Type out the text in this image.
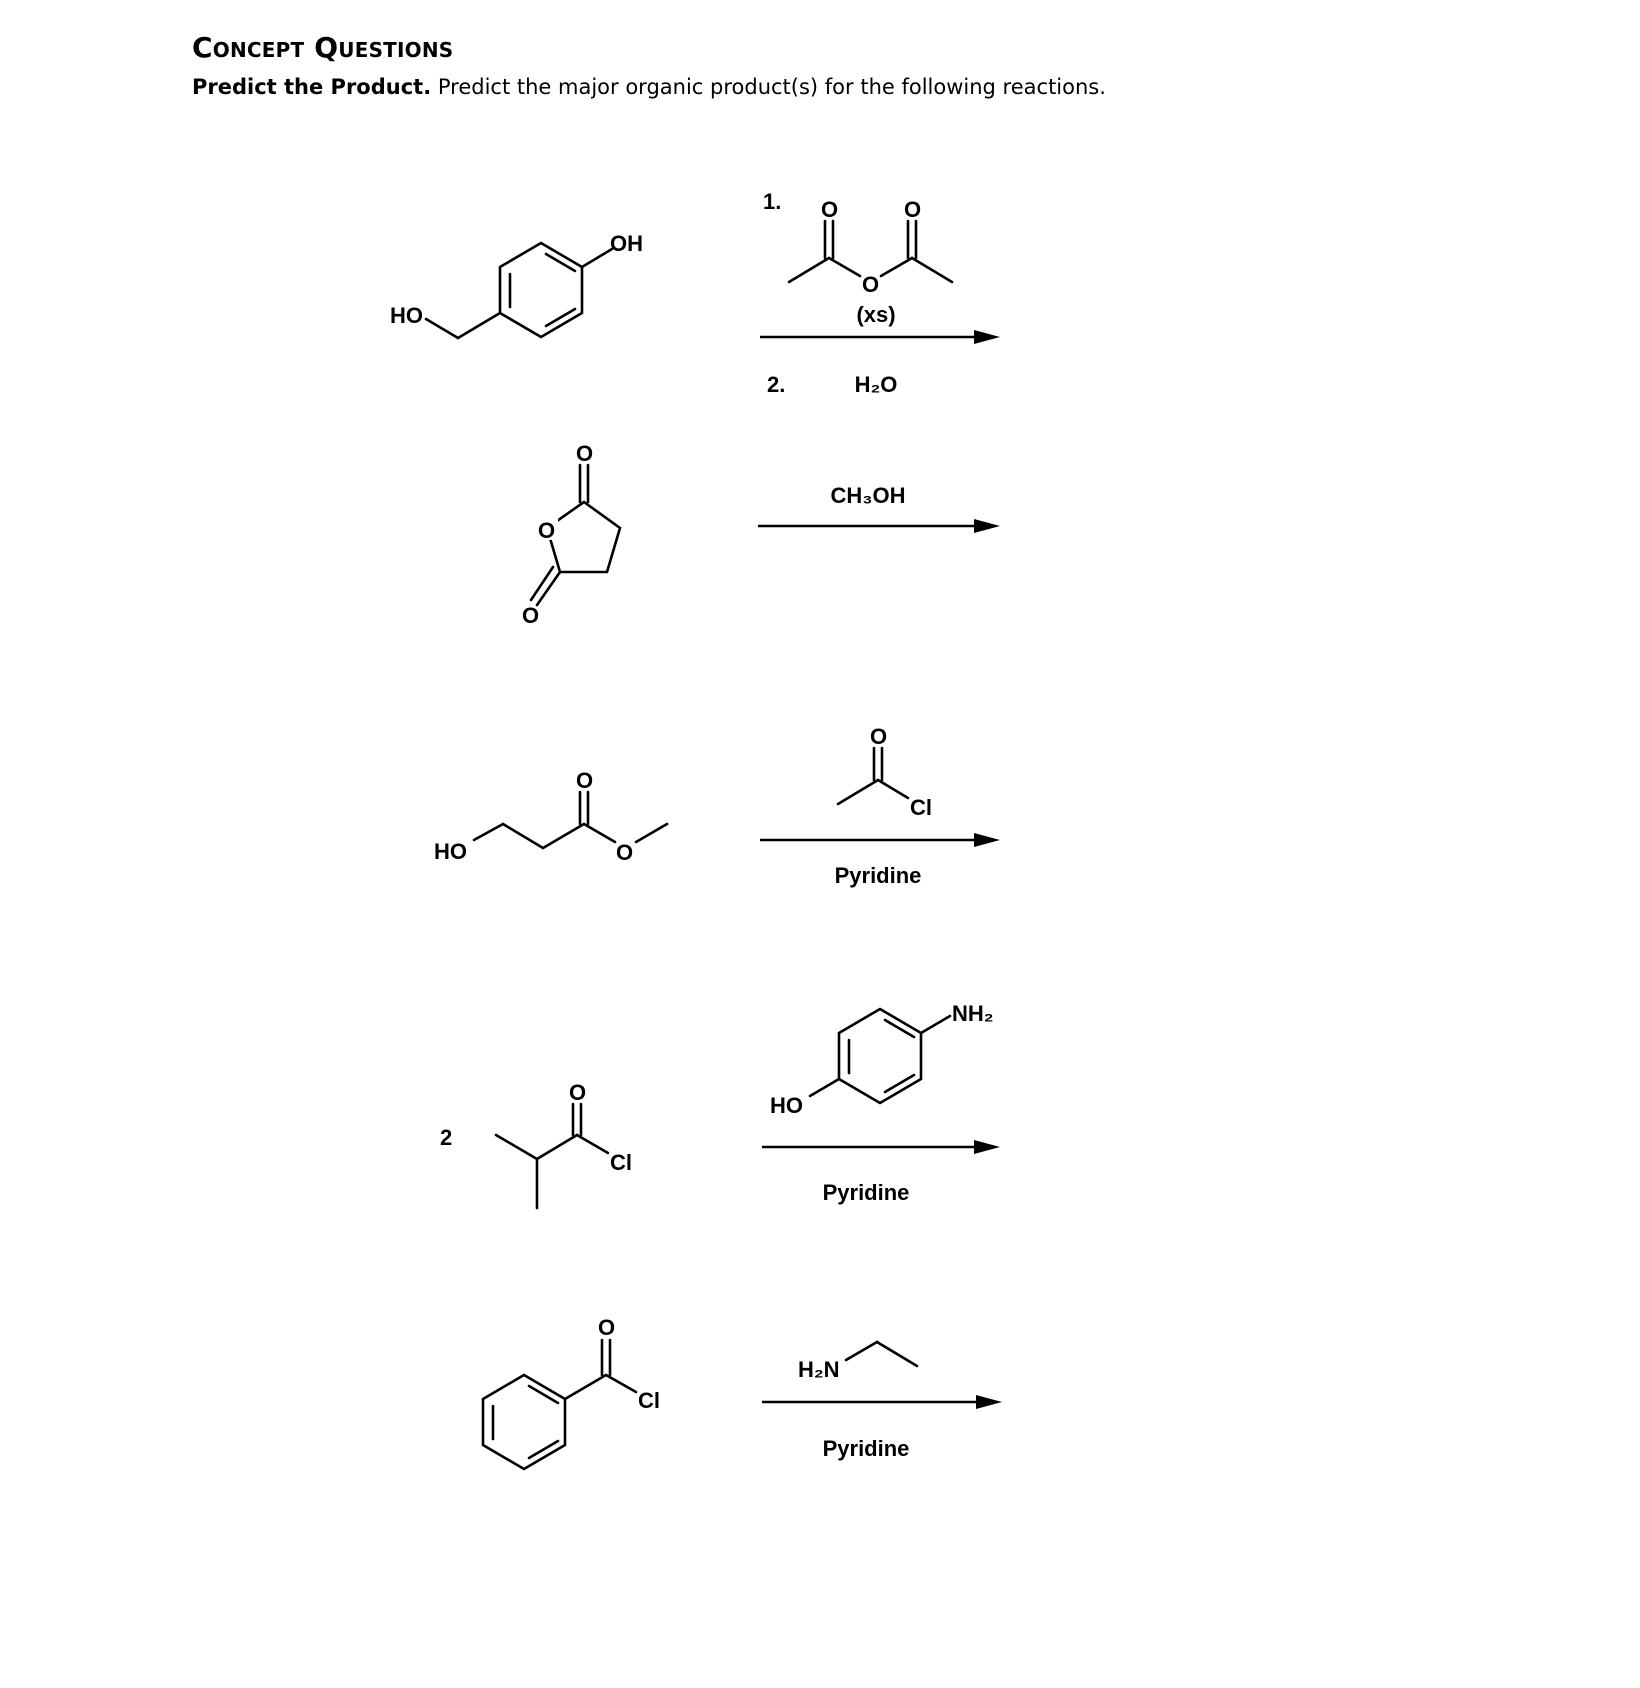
Concept Questions
Predict the Product. Predict the major organic product(s) for the following reactions.
HO
OH
1. O	O
O
(xs)
2.	H₂O
O
O
O
CH₃OH
HO	O
O
O
Cl
Pyridine
2
O
Cl
NH₂
HO
Pyridine
O
Cl
H₂N
Pyridine
